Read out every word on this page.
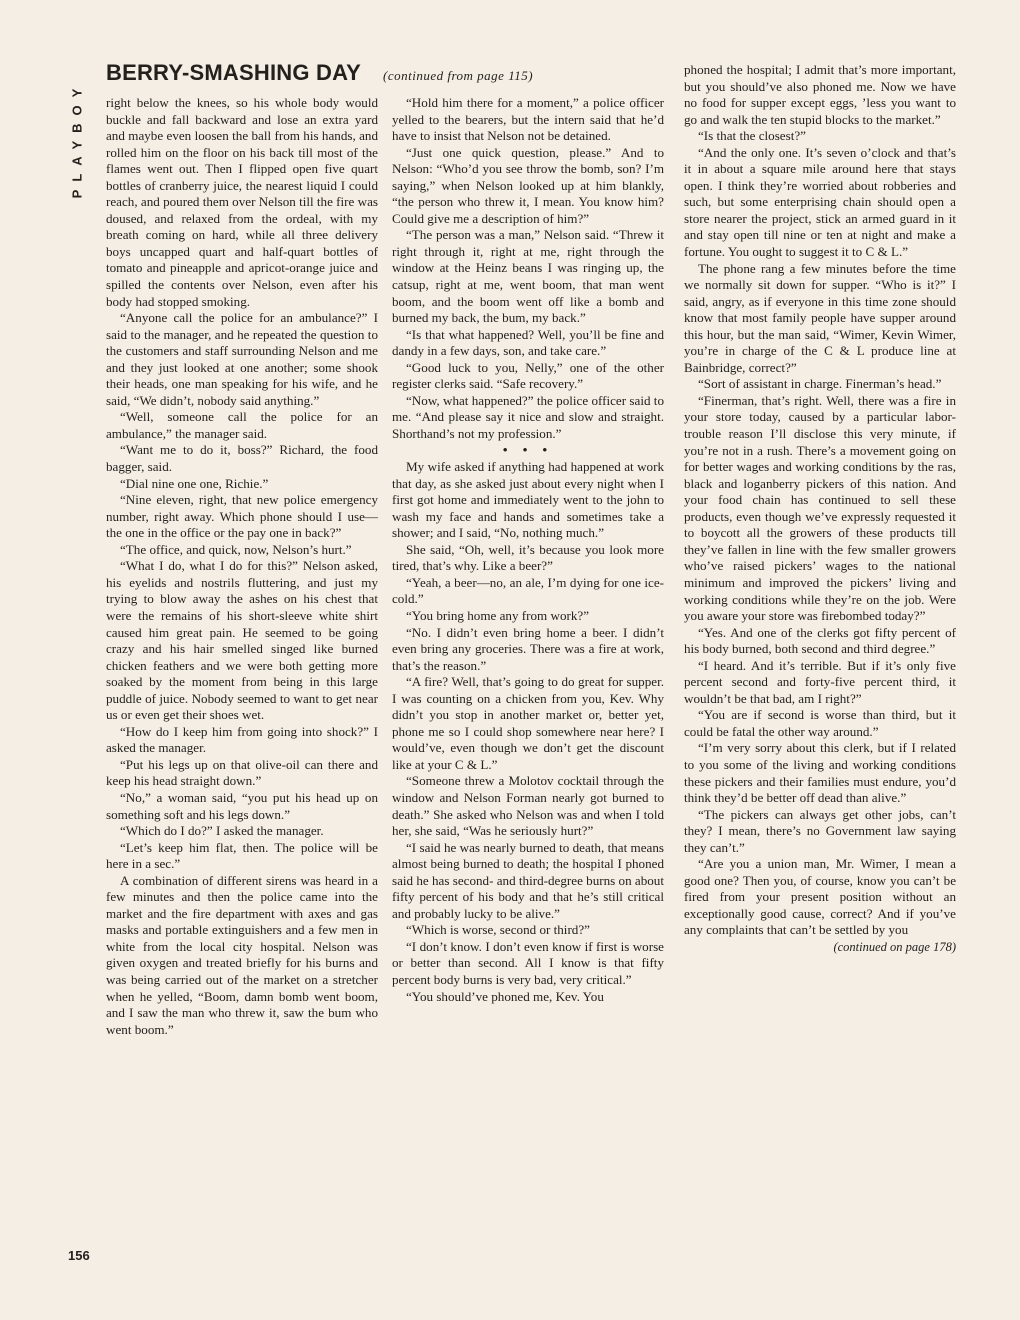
PLAYBOY
BERRY-SMASHING DAY (continued from page 115)

right below the knees, so his whole body would buckle and fall backward and lose an extra yard and maybe even loosen the ball from his hands, and rolled him on the floor on his back till most of the flames went out. Then I flipped open five quart bottles of cranberry juice, the nearest liquid I could reach, and poured them over Nelson till the fire was doused, and relaxed from the ordeal, with my breath coming on hard, while all three delivery boys uncapped quart and half-quart bottles of tomato and pineapple and apricot-orange juice and spilled the contents over Nelson, even after his body had stopped smoking.

“Anyone call the police for an ambulance?” I said to the manager, and he repeated the question to the customers and staff surrounding Nelson and me and they just looked at one another; some shook their heads, one man speaking for his wife, and he said, “We didn’t, nobody said anything.”

“Well, someone call the police for an ambulance,” the manager said.

“Want me to do it, boss?” Richard, the food bagger, said.

“Dial nine one one, Richie.”

“Nine eleven, right, that new police emergency number, right away. Which phone should I use—the one in the office or the pay one in back?”

“The office, and quick, now, Nelson’s hurt.”

“What I do, what I do for this?” Nelson asked, his eyelids and nostrils fluttering, and just my trying to blow away the ashes on his chest that were the remains of his short-sleeve white shirt caused him great pain. He seemed to be going crazy and his hair smelled singed like burned chicken feathers and we were both getting more soaked by the moment from being in this large puddle of juice. Nobody seemed to want to get near us or even get their shoes wet.

“How do I keep him from going into shock?” I asked the manager.

“Put his legs up on that olive-oil can there and keep his head straight down.”

“No,” a woman said, “you put his head up on something soft and his legs down.”

“Which do I do?” I asked the manager.

“Let’s keep him flat, then. The police will be here in a sec.”

A combination of different sirens was heard in a few minutes and then the police came into the market and the fire department with axes and gas masks and portable extinguishers and a few men in white from the local city hospital. Nelson was given oxygen and treated briefly for his burns and was being carried out of the market on a stretcher when he yelled, “Boom, damn bomb went boom, and I saw the man who threw it, saw the bum who went boom.”

“Hold him there for a moment,” a police officer yelled to the bearers, but the intern said that he’d have to insist that Nelson not be detained.

“Just one quick question, please.” And to Nelson: “Who’d you see throw the bomb, son? I’m saying,” when Nelson looked up at him blankly, “the person who threw it, I mean. You know him? Could give me a description of him?”

“The person was a man,” Nelson said. “Threw it right through it, right at me, right through the window at the Heinz beans I was ringing up, the catsup, right at me, went boom, that man went boom, and the boom went off like a bomb and burned my back, the bum, my back.”

“Is that what happened? Well, you’ll be fine and dandy in a few days, son, and take care.”

“Good luck to you, Nelly,” one of the other register clerks said. “Safe recovery.”

“Now, what happened?” the police officer said to me. “And please say it nice and slow and straight. Shorthand’s not my profession.”

• • •

My wife asked if anything had happened at work that day, as she asked just about every night when I first got home and immediately went to the john to wash my face and hands and sometimes take a shower; and I said, “No, nothing much.”

She said, “Oh, well, it’s because you look more tired, that’s why. Like a beer?”

“Yeah, a beer—no, an ale, I’m dying for one ice-cold.”

“You bring home any from work?”

“No. I didn’t even bring home a beer. I didn’t even bring any groceries. There was a fire at work, that’s the reason.”

“A fire? Well, that’s going to do great for supper. I was counting on a chicken from you, Kev. Why didn’t you stop in another market or, better yet, phone me so I could shop somewhere near here? I would’ve, even though we don’t get the discount like at your C & L.”

“Someone threw a Molotov cocktail through the window and Nelson Forman nearly got burned to death.” She asked who Nelson was and when I told her, she said, “Was he seriously hurt?”

“I said he was nearly burned to death, that means almost being burned to death; the hospital I phoned said he has second- and third-degree burns on about fifty percent of his body and that he’s still critical and probably lucky to be alive.”

“Which is worse, second or third?”

“I don’t know. I don’t even know if first is worse or better than second. All I know is that fifty percent body burns is very bad, very critical.”

“You should’ve phoned me, Kev. You

phoned the hospital; I admit that’s more important, but you should’ve also phoned me. Now we have no food for supper except eggs, ’less you want to go and walk the ten stupid blocks to the market.”

“Is that the closest?”

“And the only one. It’s seven o’clock and that’s it in about a square mile around here that stays open. I think they’re worried about robberies and such, but some enterprising chain should open a store nearer the project, stick an armed guard in it and stay open till nine or ten at night and make a fortune. You ought to suggest it to C & L.”

The phone rang a few minutes before the time we normally sit down for supper. “Who is it?” I said, angry, as if everyone in this time zone should know that most family people have supper around this hour, but the man said, “Wimer, Kevin Wimer, you’re in charge of the C & L produce line at Bainbridge, correct?”

“Sort of assistant in charge. Finerman’s head.”

“Finerman, that’s right. Well, there was a fire in your store today, caused by a particular labor-trouble reason I’ll disclose this very minute, if you’re not in a rush. There’s a movement going on for better wages and working conditions by the ras, black and loganberry pickers of this nation. And your food chain has continued to sell these products, even though we’ve expressly requested it to boycott all the growers of these products till they’ve fallen in line with the few smaller growers who’ve raised pickers’ wages to the national minimum and improved the pickers’ living and working conditions while they’re on the job. Were you aware your store was firebombed today?”

“Yes. And one of the clerks got fifty percent of his body burned, both second and third degree.”

“I heard. And it’s terrible. But if it’s only five percent second and forty-five percent third, it wouldn’t be that bad, am I right?”

“You are if second is worse than third, but it could be fatal the other way around.”

“I’m very sorry about this clerk, but if I related to you some of the living and working conditions these pickers and their families must endure, you’d think they’d be better off dead than alive.”

“The pickers can always get other jobs, can’t they? I mean, there’s no Government law saying they can’t.”

“Are you a union man, Mr. Wimer, I mean a good one? Then you, of course, know you can’t be fired from your present position without an exceptionally good cause, correct? And if you’ve any complaints that can’t be settled by you

(continued on page 178)

156
